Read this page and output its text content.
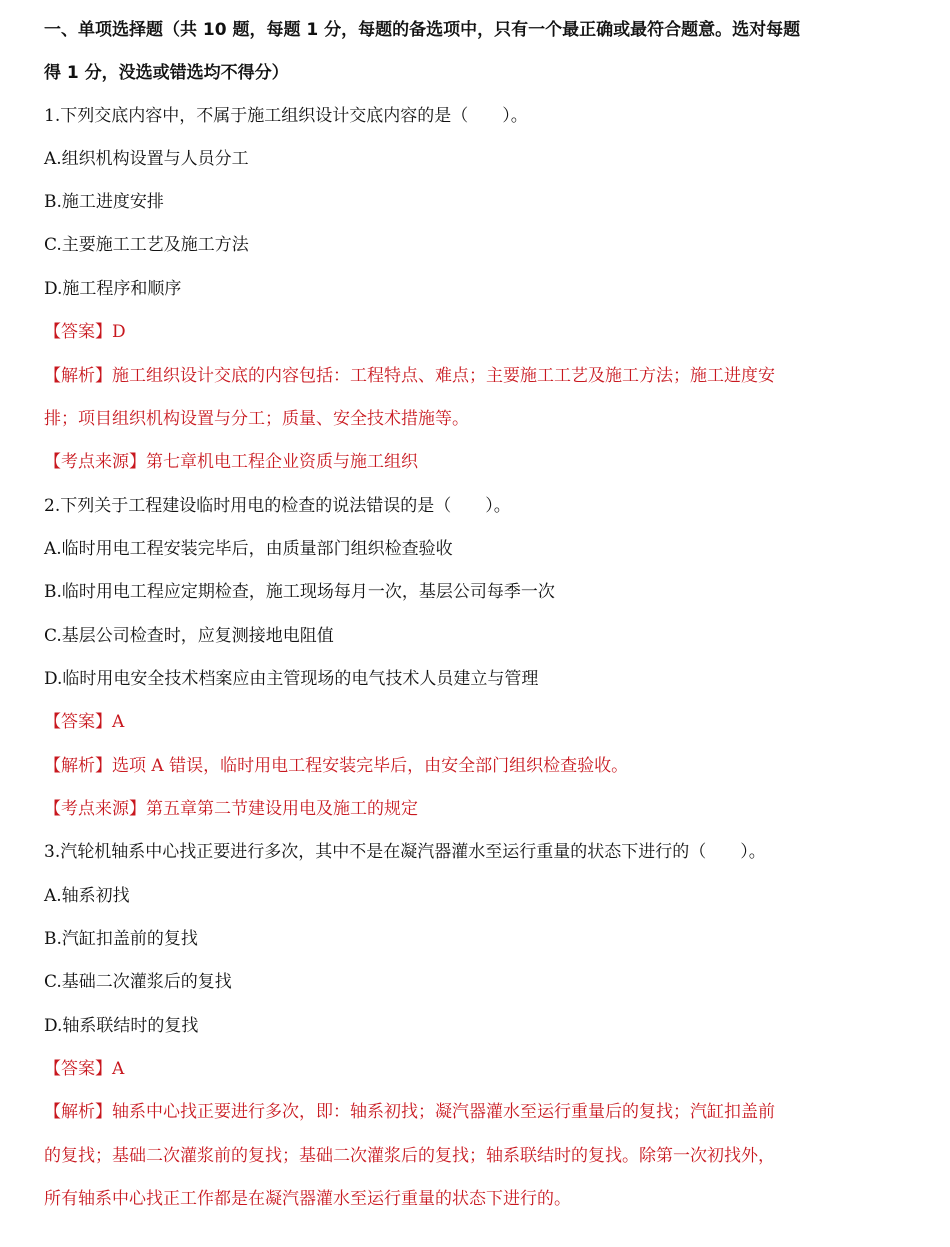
一、单项选择题（共 10 题，每题 1 分，每题的备选项中，只有一个最正确或最符合题意。选对每题
得 1 分，没选或错选均不得分）
1.下列交底内容中，不属于施工组织设计交底内容的是（　　）。
A.组织机构设置与人员分工
B.施工进度安排
C.主要施工工艺及施工方法
D.施工程序和顺序
【答案】D
【解析】施工组织设计交底的内容包括：工程特点、难点；主要施工工艺及施工方法；施工进度安
排；项目组织机构设置与分工；质量、安全技术措施等。
【考点来源】第七章机电工程企业资质与施工组织
2.下列关于工程建设临时用电的检查的说法错误的是（　　）。
A.临时用电工程安装完毕后，由质量部门组织检查验收
B.临时用电工程应定期检查，施工现场每月一次，基层公司每季一次
C.基层公司检查时，应复测接地电阻值
D.临时用电安全技术档案应由主管现场的电气技术人员建立与管理
【答案】A
【解析】选项 A 错误，临时用电工程安装完毕后，由安全部门组织检查验收。
【考点来源】第五章第二节建设用电及施工的规定
3.汽轮机轴系中心找正要进行多次，其中不是在凝汽器灌水至运行重量的状态下进行的（　　）。
A.轴系初找
B.汽缸扣盖前的复找
C.基础二次灌浆后的复找
D.轴系联结时的复找
【答案】A
【解析】轴系中心找正要进行多次，即：轴系初找；凝汽器灌水至运行重量后的复找；汽缸扣盖前
的复找；基础二次灌浆前的复找；基础二次灌浆后的复找；轴系联结时的复找。除第一次初找外，
所有轴系中心找正工作都是在凝汽器灌水至运行重量的状态下进行的。
